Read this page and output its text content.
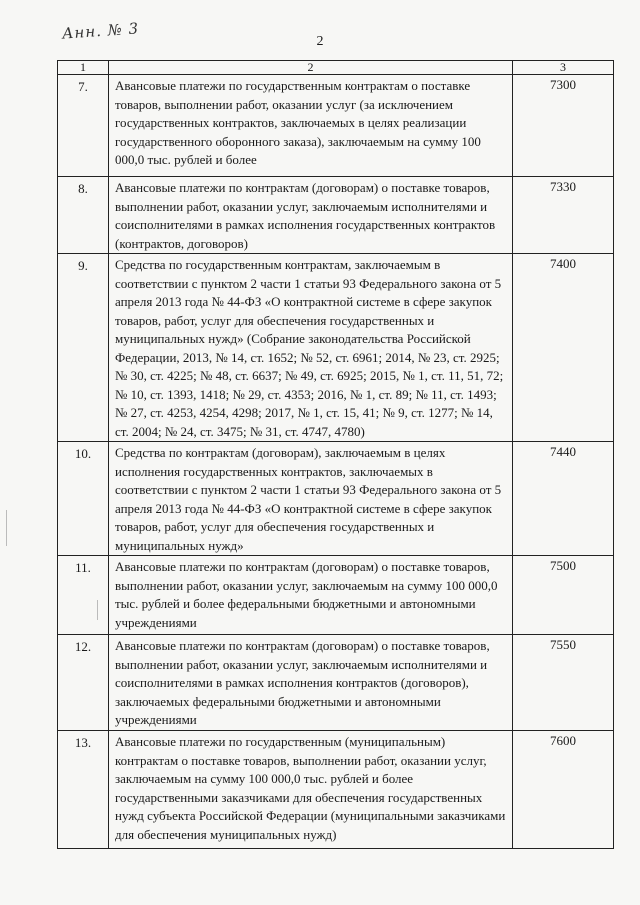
Анн. № 3	2
1	2	3
7.	Авансовые платежи по государственным контрактам о поставке товаров, выполнении работ, оказании услуг (за исключением государственных контрактов, заключаемых в целях реализации государственного оборонного заказа), заключаемым на сумму 100 000,0 тыс. рублей и более	7300
8.	Авансовые платежи по контрактам (договорам) о поставке товаров, выполнении работ, оказании услуг, заключаемым исполнителями и соисполнителями в рамках исполнения государственных контрактов (контрактов, договоров)	7330
9.	Средства по государственным контрактам, заключаемым в соответствии с пунктом 2 части 1 статьи 93 Федерального закона от 5 апреля 2013 года № 44-ФЗ «О контрактной системе в сфере закупок товаров, работ, услуг для обеспечения государственных и муниципальных нужд» (Собрание законодательства Российской Федерации, 2013, № 14, ст. 1652; № 52, ст. 6961; 2014, № 23, ст. 2925; № 30, ст. 4225; № 48, ст. 6637; № 49, ст. 6925; 2015, № 1, ст. 11, 51, 72; № 10, ст. 1393, 1418; № 29, ст. 4353; 2016, № 1, ст. 89; № 11, ст. 1493; № 27, ст. 4253, 4254, 4298; 2017, № 1, ст. 15, 41; № 9, ст. 1277; № 14, ст. 2004; № 24, ст. 3475; № 31, ст. 4747, 4780)	7400
10.	Средства по контрактам (договорам), заключаемым в целях исполнения государственных контрактов, заключаемых в соответствии с пунктом 2 части 1 статьи 93 Федерального закона от 5 апреля 2013 года № 44-ФЗ «О контрактной системе в сфере закупок товаров, работ, услуг для обеспечения государственных и муниципальных нужд»	7440
11.	Авансовые платежи по контрактам (договорам) о поставке товаров, выполнении работ, оказании услуг, заключаемым на сумму 100 000,0 тыс. рублей и более федеральными бюджетными и автономными учреждениями	7500
12.	Авансовые платежи по контрактам (договорам) о поставке товаров, выполнении работ, оказании услуг, заключаемым исполнителями и соисполнителями в рамках исполнения контрактов (договоров), заключаемых федеральными бюджетными и автономными учреждениями	7550
13.	Авансовые платежи по государственным (муниципальным) контрактам о поставке товаров, выполнении работ, оказании услуг, заключаемым на сумму 100 000,0 тыс. рублей и более государственными заказчиками для обеспечения государственных нужд субъекта Российской Федерации (муниципальными заказчиками для обеспечения муниципальных нужд)	7600
